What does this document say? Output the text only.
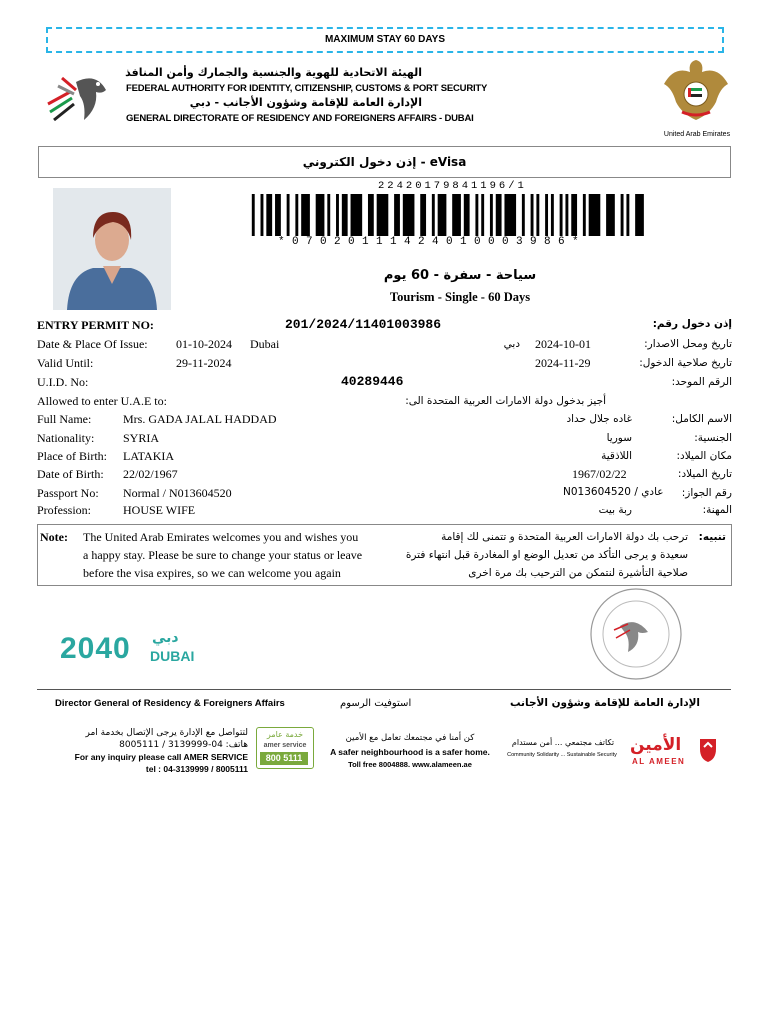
MAXIMUM STAY 60 DAYS
الهيئة الاتحادية للهوية والجنسية والجمارك وأمن المنافذ
FEDERAL AUTHORITY FOR IDENTITY, CITIZENSHIP, CUSTOMS & PORT SECURITY
الإدارة العامة للإقامة وشؤون الأجانب - دبي
GENERAL DIRECTORATE OF RESIDENCY AND FOREIGNERS AFFAIRS - DUBAI
United Arab Emirates
إذن دخول الكتروني - eVisa
22420179841196/1
*07020111424010003986*
سياحة - سفرة - 60 يوم
Tourism - Single - 60 Days
ENTRY PERMIT NO:	201/2024/11401003986	إذن دخول رقم:
Date & Place Of Issue: 01-10-2024 Dubai	دبي 2024-10-01	تاريخ ومحل الاصدار:
Valid Until:	29-11-2024	2024-11-29	تاريخ صلاحية الدخول:
U.I.D. No:	40289446	الرقم الموحد:
Allowed to enter U.A.E to:	أجيز بدخول دولة الامارات العربية المتحدة الى:
Full Name:	Mrs. GADA JALAL HADDAD	غاده جلال حداد	الاسم الكامل:
Nationality: SYRIA	سوريا	الجنسية:
Place of Birth: LATAKIA	اللاذقية	مكان الميلاد:
Date of Birth: 22/02/1967	1967/02/22	تاريخ الميلاد:
Passport No: Normal / N013604520	N013604520 / عادي رقم الجواز:
Profession:	HOUSE WIFE	ربة بيت	المهنة:
Note: The United Arab Emirates welcomes you and wishes you
a happy stay. Please be sure to change your status or leave
before the visa expires, so we can welcome you again
تنبيه:
ترحب بك دولة الامارات العربية المتحدة و تتمنى لك إقامة
سعيدة و يرجى التأكد من تعديل الوضع او المغادرة قبل انتهاء فترة
صلاحية التأشيرة لنتمكن من الترحيب بك مرة اخرى
2040 دبي
DUBAI
Director General of Residency & Foreigners Affairs	استوفيت الرسوم	الإدارة العامة للإقامة وشؤون الأجانب
لتتواصل مع الإدارة يرجى الإتصال بخدمة امر
هاتف: 04-3139999 / 8005111
For any inquiry please call AMER SERVICE
tel : 04-3139999 / 8005111
خدمة عامر
amer service
800 5111
كن أمنا في مجتمعك تعامل مع الأمين
A safer neighbourhood is a safer home.
Toll free 8004888. www.alameen.ae
تكاتف مجتمعي ... أمن مستدام
Community Solidarity ... Sustainable Security الأمين
AL AMEEN
